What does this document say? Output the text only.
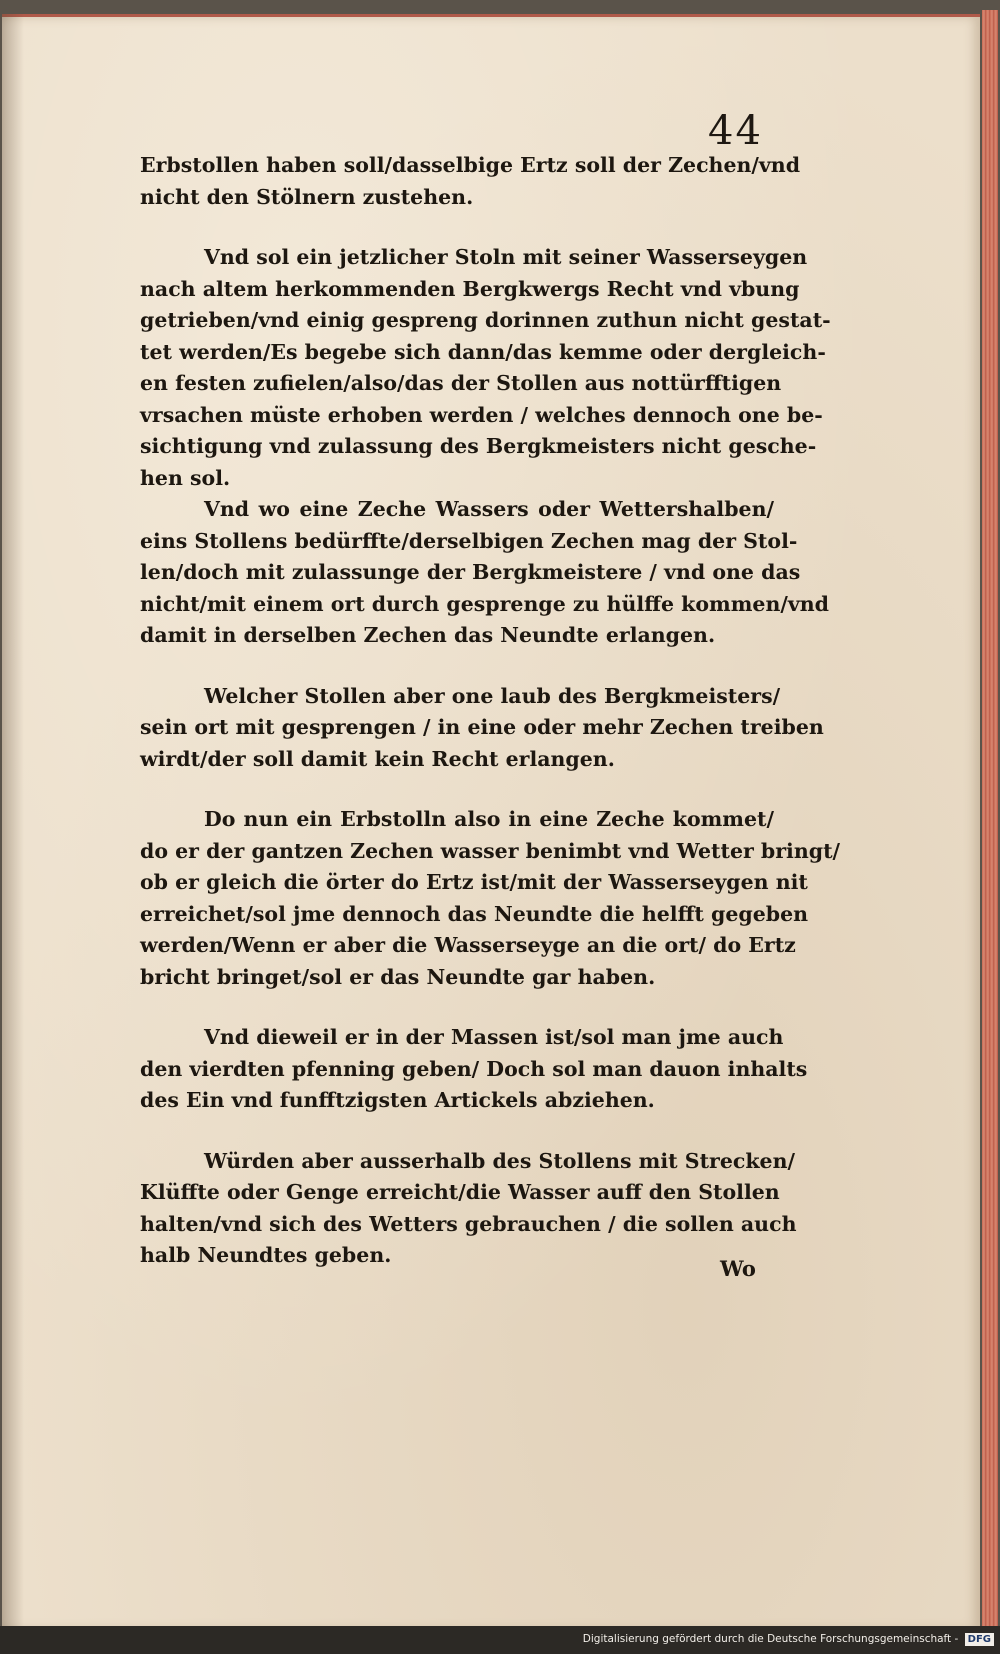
44

Erbstollen haben soll/dasselbige Ertz soll der Zechen/vnd
nicht den Stölnern zustehen.

Vnd sol ein jetzlicher Stoln mit seiner Wasserseygen
nach altem herkommenden Bergkwergs Recht vnd vbung
getrieben/vnd einig gespreng dorinnen zuthun nicht gestat-
tet werden/Es begebe sich dann/das kemme oder dergleich-
en festen zufielen/also/das der Stollen aus nottürfftigen
vrsachen müste erhoben werden / welches dennoch one be-
sichtigung vnd zulassung des Bergkmeisters nicht gesche-
hen sol.

Vnd wo eine Zeche Wassers oder Wettershalben/
eins Stollens bedürffte/derselbigen Zechen mag der Stol-
len/doch mit zulassunge der Bergkmeistere / vnd one das
nicht/mit einem ort durch gesprenge zu hülffe kommen/vnd
damit in derselben Zechen das Neundte erlangen.

Welcher Stollen aber one laub des Bergkmeisters/
sein ort mit gesprengen / in eine oder mehr Zechen treiben
wirdt/der soll damit kein Recht erlangen.

Do nun ein Erbstolln also in eine Zeche kommet/
do er der gantzen Zechen wasser benimbt vnd Wetter bringt/
ob er gleich die örter do Ertz ist/mit der Wasserseygen nit
erreichet/sol jme dennoch das Neundte die helfft gegeben
werden/Wenn er aber die Wasserseyge an die ort/ do Ertz
bricht bringet/sol er das Neundte gar haben.

Vnd dieweil er in der Massen ist/sol man jme auch
den vierdten pfenning geben/ Doch sol man dauon inhalts
des Ein vnd funfftzigsten Artickels abziehen.

Würden aber ausserhalb des Stollens mit Strecken/
Klüffte oder Genge erreicht/die Wasser auff den Stollen
halten/vnd sich des Wetters gebrauchen / die sollen auch
halb Neundtes geben.

Wo
Digitalisierung gefördert durch die Deutsche Forschungsgemeinschaft - DFG
